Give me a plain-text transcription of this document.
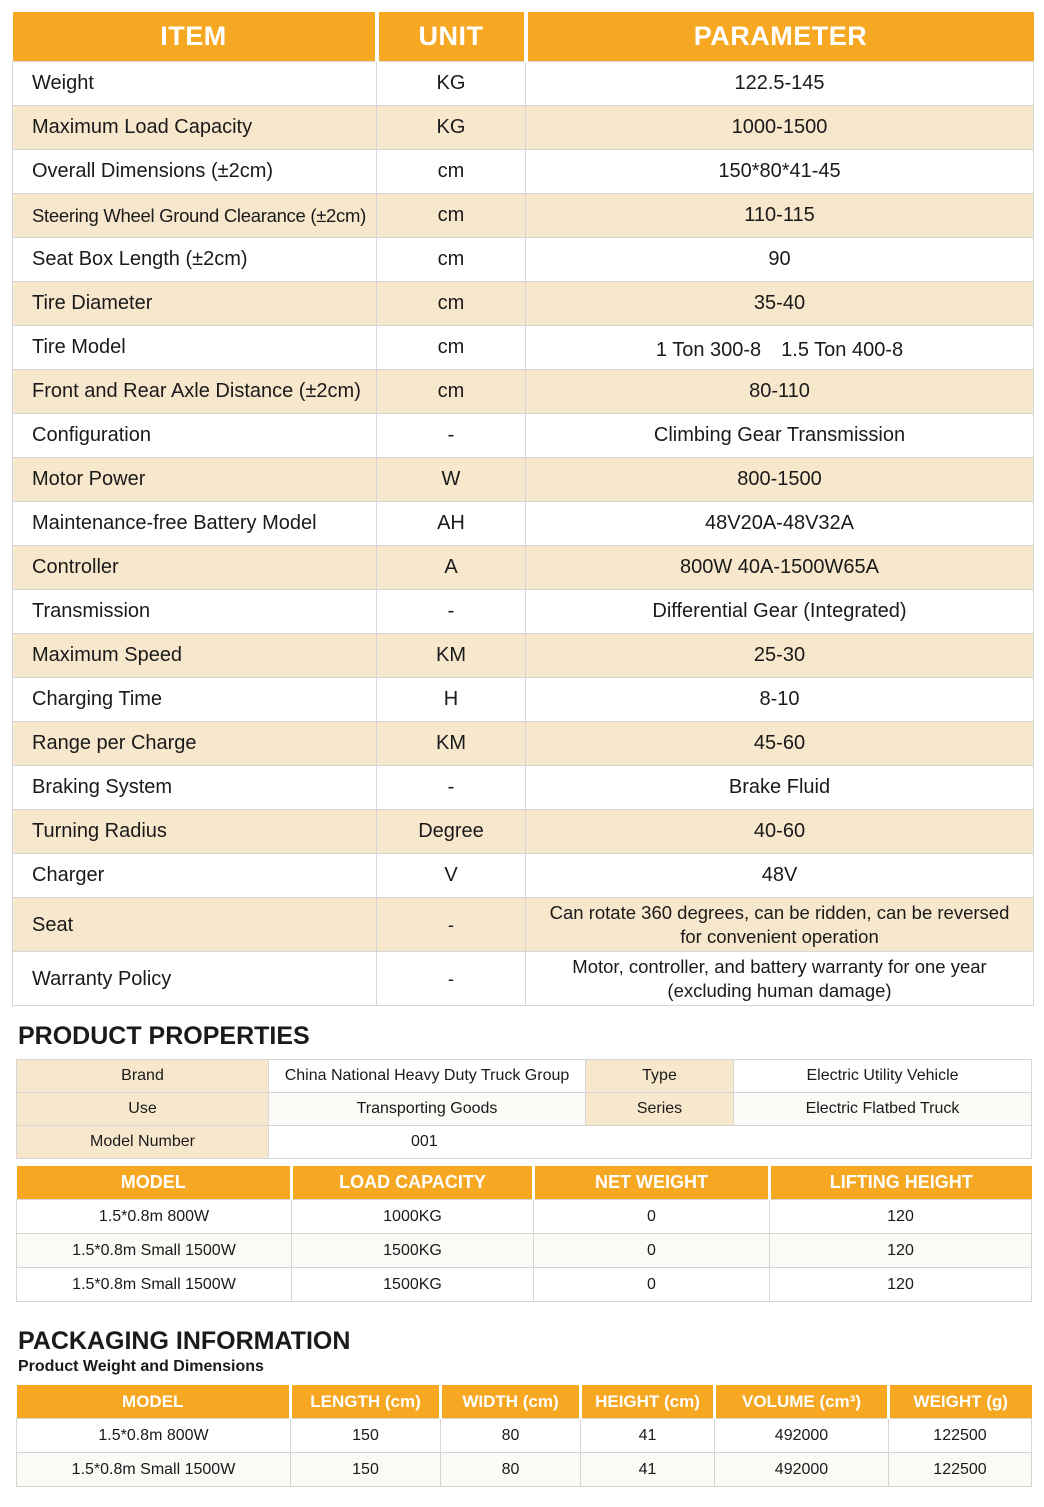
ITEM	UNIT	PARAMETER
Weight	KG	122.5-145
Maximum Load Capacity	KG	1000-1500
Overall Dimensions (±2cm)	cm	150*80*41-45
Steering Wheel Ground Clearance (±2cm)	cm	110-115
Seat Box Length (±2cm)	cm	90
Tire Diameter	cm	35-40
Tire Model	cm	1 Ton 300-8　1.5 Ton 400-8
Front and Rear Axle Distance (±2cm)	cm	80-110
Configuration	-	Climbing Gear Transmission
Motor Power	W	800-1500
Maintenance-free Battery Model	AH	48V20A-48V32A
Controller	A	800W 40A-1500W65A
Transmission	-	Differential Gear (Integrated)
Maximum Speed	KM	25-30
Charging Time	H	8-10
Range per Charge	KM	45-60
Braking System	-	Brake Fluid
Turning Radius	Degree	40-60
Charger	V	48V
Seat	-	Can rotate 360 degrees, can be ridden, can be reversed for convenient operation
Warranty Policy	-	Motor, controller, and battery warranty for one year (excluding human damage)
PRODUCT PROPERTIES
Brand	China National Heavy Duty Truck Group	Type	Electric Utility Vehicle
Use	Transporting Goods	Series	Electric Flatbed Truck
Model Number	001		
MODEL	LOAD CAPACITY	NET WEIGHT	LIFTING HEIGHT
1.5*0.8m 800W	1000KG	0	120
1.5*0.8m Small 1500W	1500KG	0	120
1.5*0.8m Small 1500W	1500KG	0	120
PACKAGING INFORMATION

Product Weight and Dimensions

MODEL	LENGTH (cm)	WIDTH (cm)	HEIGHT (cm)	VOLUME (cm³)	WEIGHT (g)
1.5*0.8m 800W	150	80	41	492000	122500
1.5*0.8m Small 1500W	150	80	41	492000	122500
